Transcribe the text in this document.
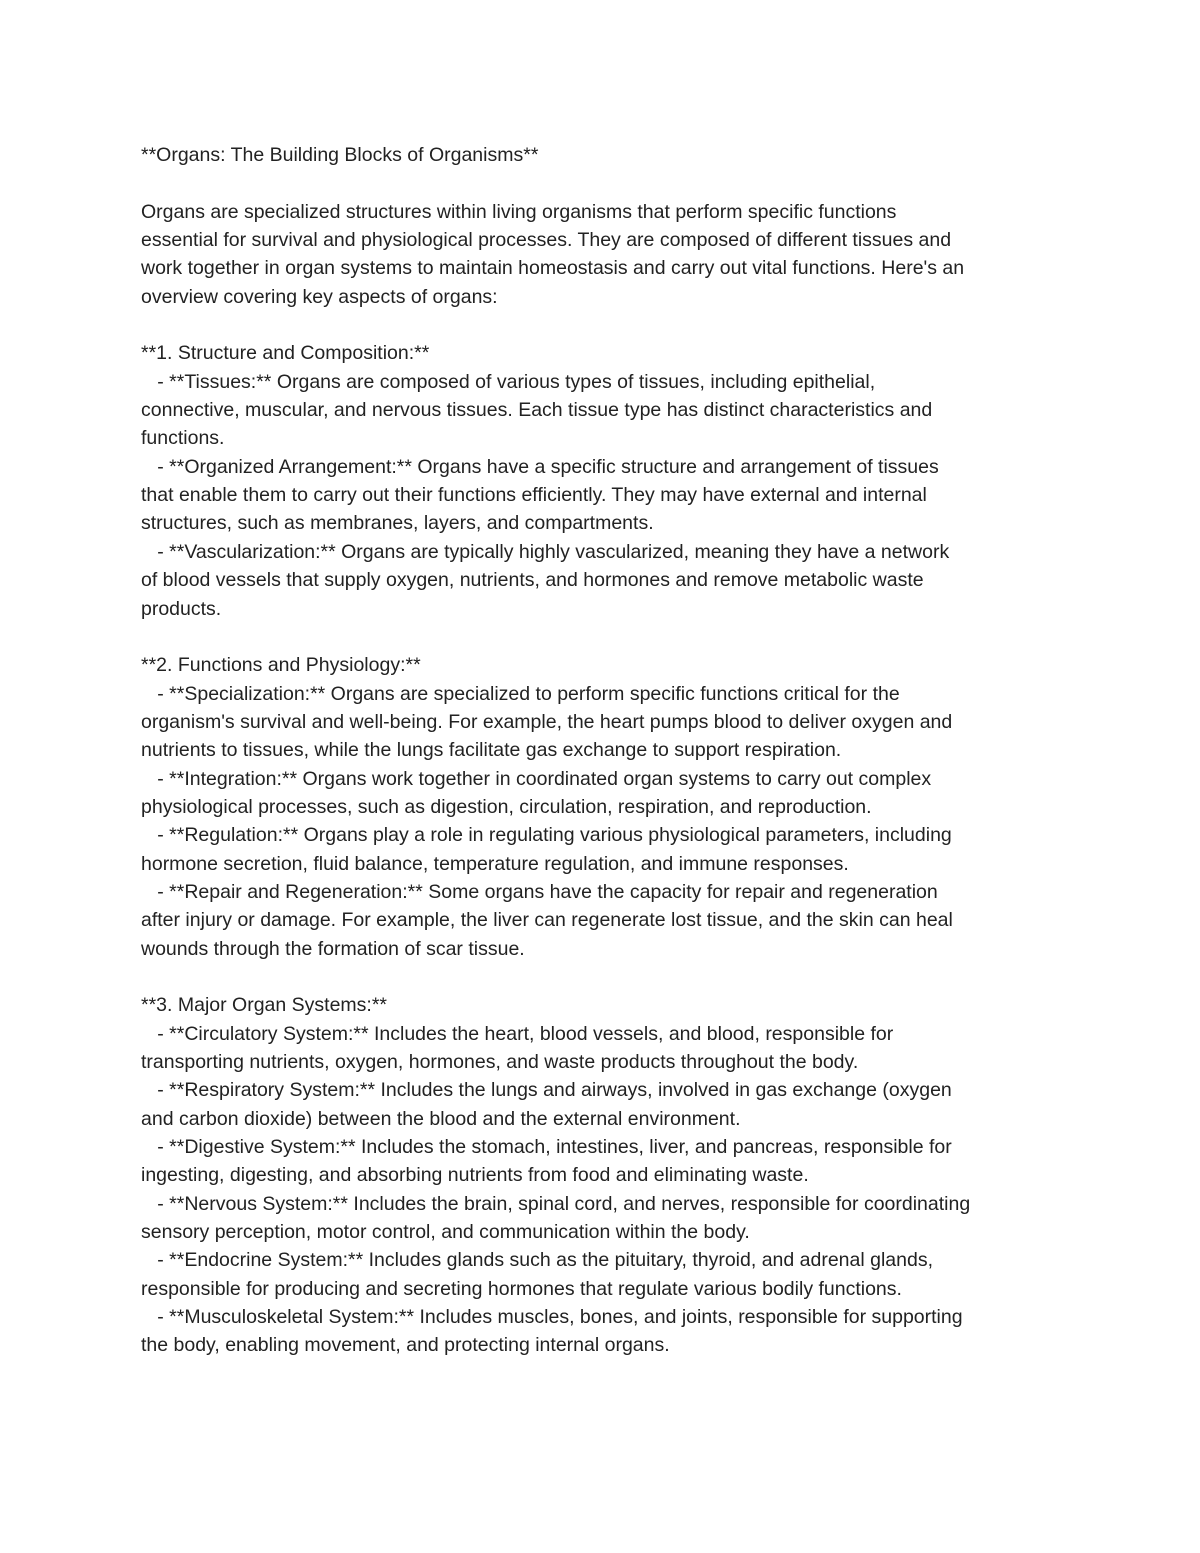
**Organs: The Building Blocks of Organisms**
Organs are specialized structures within living organisms that perform specific functions
essential for survival and physiological processes. They are composed of different tissues and
work together in organ systems to maintain homeostasis and carry out vital functions. Here's an
overview covering key aspects of organs:
**1. Structure and Composition:**
- **Tissues:** Organs are composed of various types of tissues, including epithelial,
connective, muscular, and nervous tissues. Each tissue type has distinct characteristics and
functions.
- **Organized Arrangement:** Organs have a specific structure and arrangement of tissues
that enable them to carry out their functions efficiently. They may have external and internal
structures, such as membranes, layers, and compartments.
- **Vascularization:** Organs are typically highly vascularized, meaning they have a network
of blood vessels that supply oxygen, nutrients, and hormones and remove metabolic waste
products.
**2. Functions and Physiology:**
- **Specialization:** Organs are specialized to perform specific functions critical for the
organism's survival and well-being. For example, the heart pumps blood to deliver oxygen and
nutrients to tissues, while the lungs facilitate gas exchange to support respiration.
- **Integration:** Organs work together in coordinated organ systems to carry out complex
physiological processes, such as digestion, circulation, respiration, and reproduction.
- **Regulation:** Organs play a role in regulating various physiological parameters, including
hormone secretion, fluid balance, temperature regulation, and immune responses.
- **Repair and Regeneration:** Some organs have the capacity for repair and regeneration
after injury or damage. For example, the liver can regenerate lost tissue, and the skin can heal
wounds through the formation of scar tissue.
**3. Major Organ Systems:**
- **Circulatory System:** Includes the heart, blood vessels, and blood, responsible for
transporting nutrients, oxygen, hormones, and waste products throughout the body.
- **Respiratory System:** Includes the lungs and airways, involved in gas exchange (oxygen
and carbon dioxide) between the blood and the external environment.
- **Digestive System:** Includes the stomach, intestines, liver, and pancreas, responsible for
ingesting, digesting, and absorbing nutrients from food and eliminating waste.
- **Nervous System:** Includes the brain, spinal cord, and nerves, responsible for coordinating
sensory perception, motor control, and communication within the body.
- **Endocrine System:** Includes glands such as the pituitary, thyroid, and adrenal glands,
responsible for producing and secreting hormones that regulate various bodily functions.
- **Musculoskeletal System:** Includes muscles, bones, and joints, responsible for supporting
the body, enabling movement, and protecting internal organs.
